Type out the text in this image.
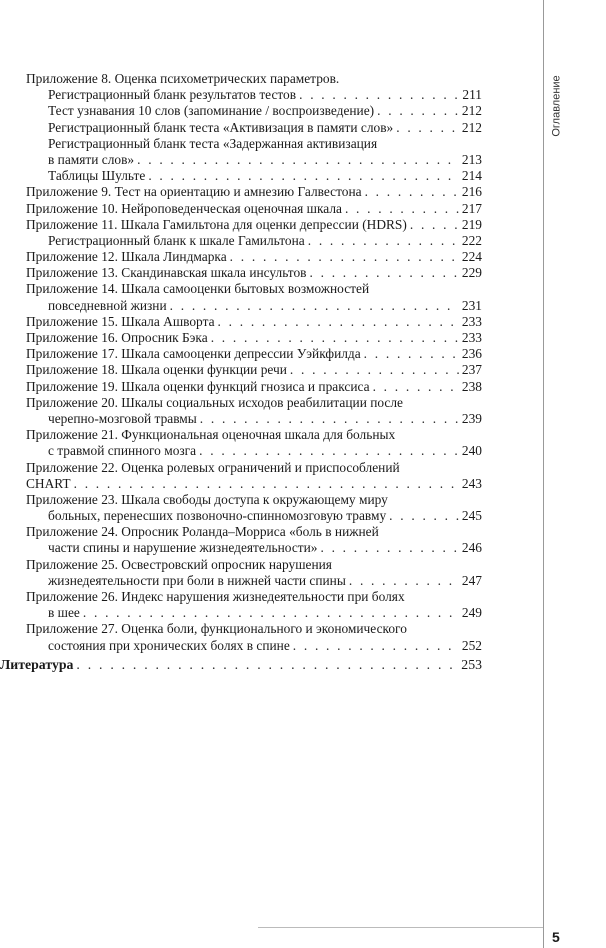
Оглавление
5
Приложение 8. Оценка психометрических параметров.
Регистрационный бланк результатов тестов . . .	211
Тест узнавания 10 слов (запоминание / воспроизведение) . . .	212
Регистрационный бланк теста «Активизация в памяти слов» . . .	212
Регистрационный бланк теста «Задержанная активизация
в памяти слов» . . .	213
Таблицы Шульте . . .	214
Приложение 9. Тест на ориентацию и амнезию Галвестона . . .	216
Приложение 10. Нейроповеденческая оценочная шкала . . .	217
Приложение 11. Шкала Гамильтона для оценки депрессии (HDRS) . . .	219
Регистрационный бланк к шкале Гамильтона . . .	222
Приложение 12. Шкала Линдмарка . . .	224
Приложение 13. Скандинавская шкала инсультов . . .	229
Приложение 14. Шкала самооценки бытовых возможностей
повседневной жизни . . .	231
Приложение 15. Шкала Ашворта . . .	233
Приложение 16. Опросник Бэка . . .	233
Приложение 17. Шкала самооценки депрессии Уэйкфилда . . .	236
Приложение 18. Шкала оценки функции речи . . .	237
Приложение 19. Шкала оценки функций гнозиса и праксиса . . .	238
Приложение 20. Шкалы социальных исходов реабилитации после
черепно-мозговой травмы . . .	239
Приложение 21. Функциональная оценочная шкала для больных
с травмой спинного мозга . . .	240
Приложение 22. Оценка ролевых ограничений и приспособлений
CHART . . .	243
Приложение 23. Шкала свободы доступа к окружающему миру
больных, перенесших позвоночно-спинномозговую травму . . .	245
Приложение 24. Опросник Роланда–Морриса «боль в нижней
части спины и нарушение жизнедеятельности» . . .	246
Приложение 25. Освестровский опросник нарушения
жизнедеятельности при боли в нижней части спины . . .	247
Приложение 26. Индекс нарушения жизнедеятельности при болях
в шее . . .	249
Приложение 27. Оценка боли, функционального и экономического
состояния при хронических болях в спине . . .	252
Литература . . .	253
